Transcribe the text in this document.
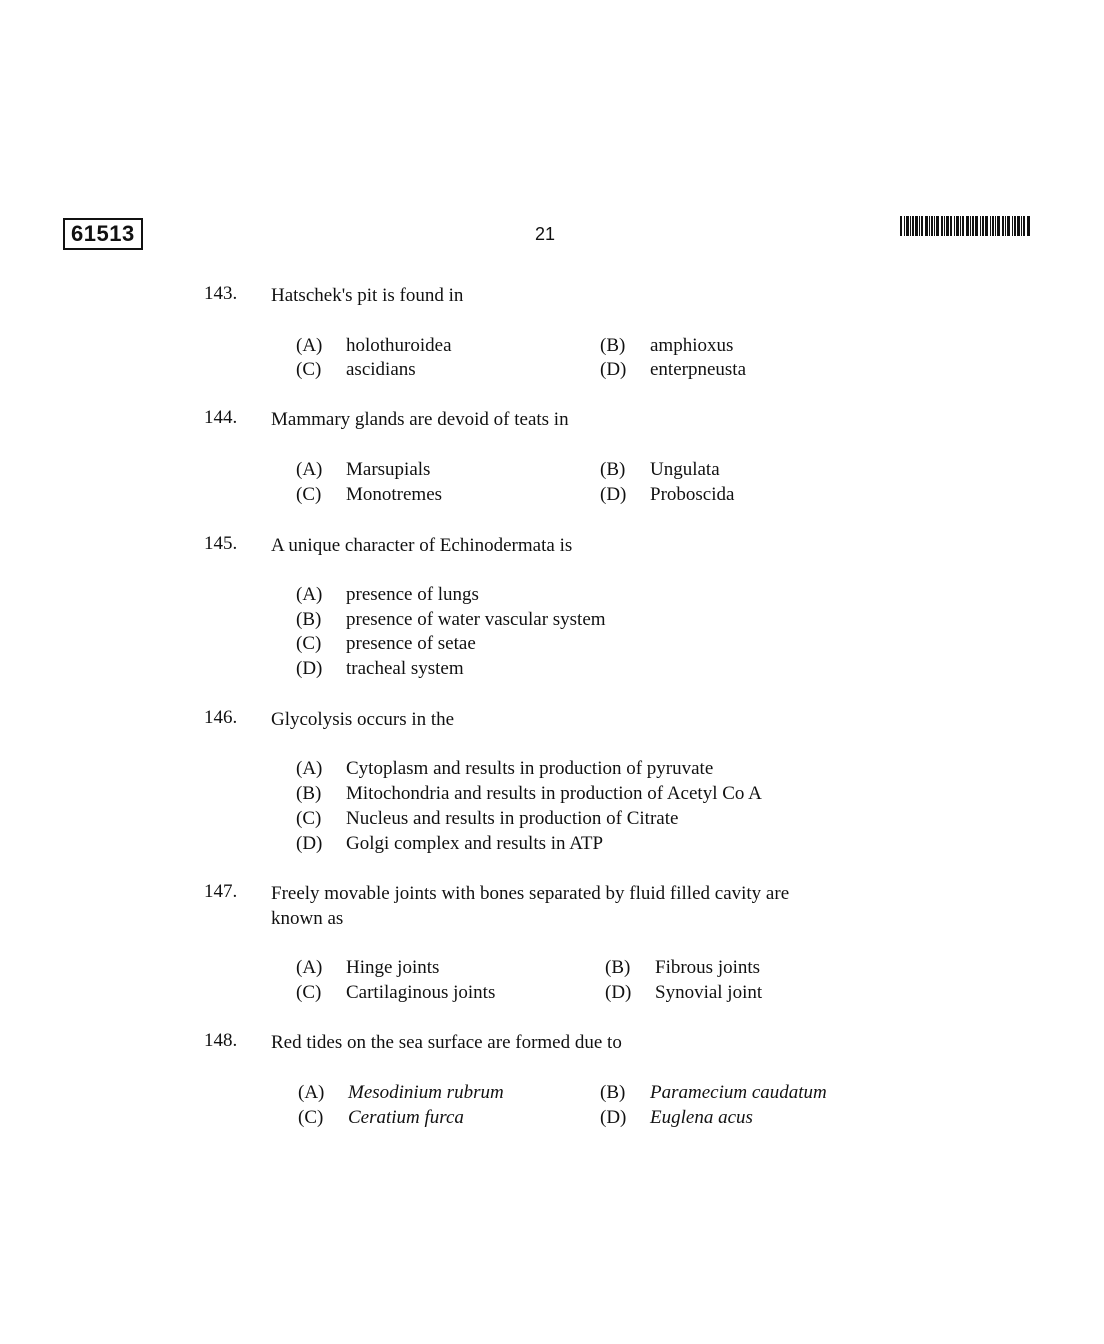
61513	21
143.	Hatschek's pit is found in
(A) holothuroidea	(B) amphioxus
(C) ascidians	(D) enterpneusta
144.	Mammary glands are devoid of teats in
(A) Marsupials	(B) Ungulata
(C) Monotremes	(D) Proboscida
145.	A unique character of Echinodermata is
(A) presence of lungs
(B) presence of water vascular system
(C) presence of setae
(D) tracheal system
146.	Glycolysis occurs in the
(A) Cytoplasm and results in production of pyruvate
(B) Mitochondria and results in production of Acetyl Co A
(C) Nucleus and results in production of Citrate
(D) Golgi complex and results in ATP
147.	Freely movable joints with bones separated by fluid filled cavity are
known as
(A) Hinge joints	(B) Fibrous joints
(C) Cartilaginous joints	(D) Synovial joint
148.	Red tides on the sea surface are formed due to
(A) Mesodinium rubrum	(B) Paramecium caudatum
(C) Ceratium furca	(D) Euglena acus
